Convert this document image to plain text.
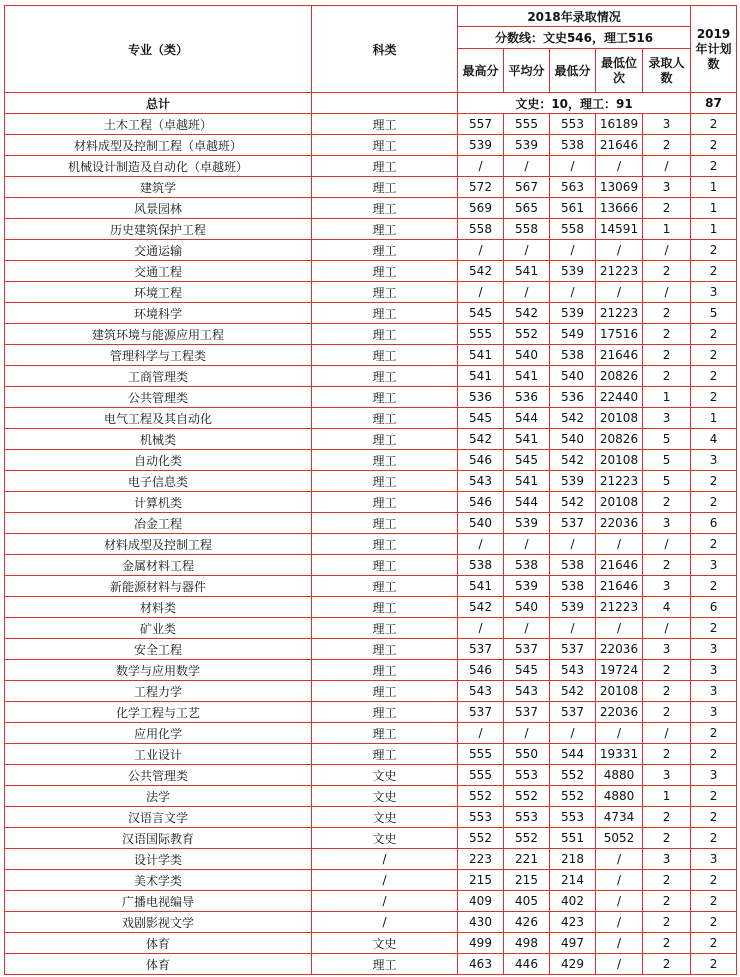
专业（类）	科类	2018年录取情况					2019年计划数
		分数线：文史546，理工516					
		最高分	平均分	最低分	最低位次	录取人数	
总计		文史：10，理工：91					87
土木工程（卓越班）	理工	557	555	553	16189	3	2
材料成型及控制工程（卓越班）	理工	539	539	538	21646	2	2
机械设计制造及自动化（卓越班）	理工	/	/	/	/	/	2
建筑学	理工	572	567	563	13069	3	1
风景园林	理工	569	565	561	13666	2	1
历史建筑保护工程	理工	558	558	558	14591	1	1
交通运输	理工	/	/	/	/	/	2
交通工程	理工	542	541	539	21223	2	2
环境工程	理工	/	/	/	/	/	3
环境科学	理工	545	542	539	21223	2	5
建筑环境与能源应用工程	理工	555	552	549	17516	2	2
管理科学与工程类	理工	541	540	538	21646	2	2
工商管理类	理工	541	541	540	20826	2	2
公共管理类	理工	536	536	536	22440	1	2
电气工程及其自动化	理工	545	544	542	20108	3	1
机械类	理工	542	541	540	20826	5	4
自动化类	理工	546	545	542	20108	5	3
电子信息类	理工	543	541	539	21223	5	2
计算机类	理工	546	544	542	20108	2	2
冶金工程	理工	540	539	537	22036	3	6
材料成型及控制工程	理工	/	/	/	/	/	2
金属材料工程	理工	538	538	538	21646	2	3
新能源材料与器件	理工	541	539	538	21646	3	2
材料类	理工	542	540	539	21223	4	6
矿业类	理工	/	/	/	/	/	2
安全工程	理工	537	537	537	22036	3	3
数学与应用数学	理工	546	545	543	19724	2	3
工程力学	理工	543	543	542	20108	2	3
化学工程与工艺	理工	537	537	537	22036	2	3
应用化学	理工	/	/	/	/	/	2
工业设计	理工	555	550	544	19331	2	2
公共管理类	文史	555	553	552	4880	3	3
法学	文史	552	552	552	4880	1	2
汉语言文学	文史	553	553	553	4734	2	2
汉语国际教育	文史	552	552	551	5052	2	2
设计学类	/	223	221	218	/	3	3
美术学类	/	215	215	214	/	2	2
广播电视编导	/	409	405	402	/	2	2
戏剧影视文学	/	430	426	423	/	2	2
体育	文史	499	498	497	/	2	2
体育	理工	463	446	429	/	2	2
